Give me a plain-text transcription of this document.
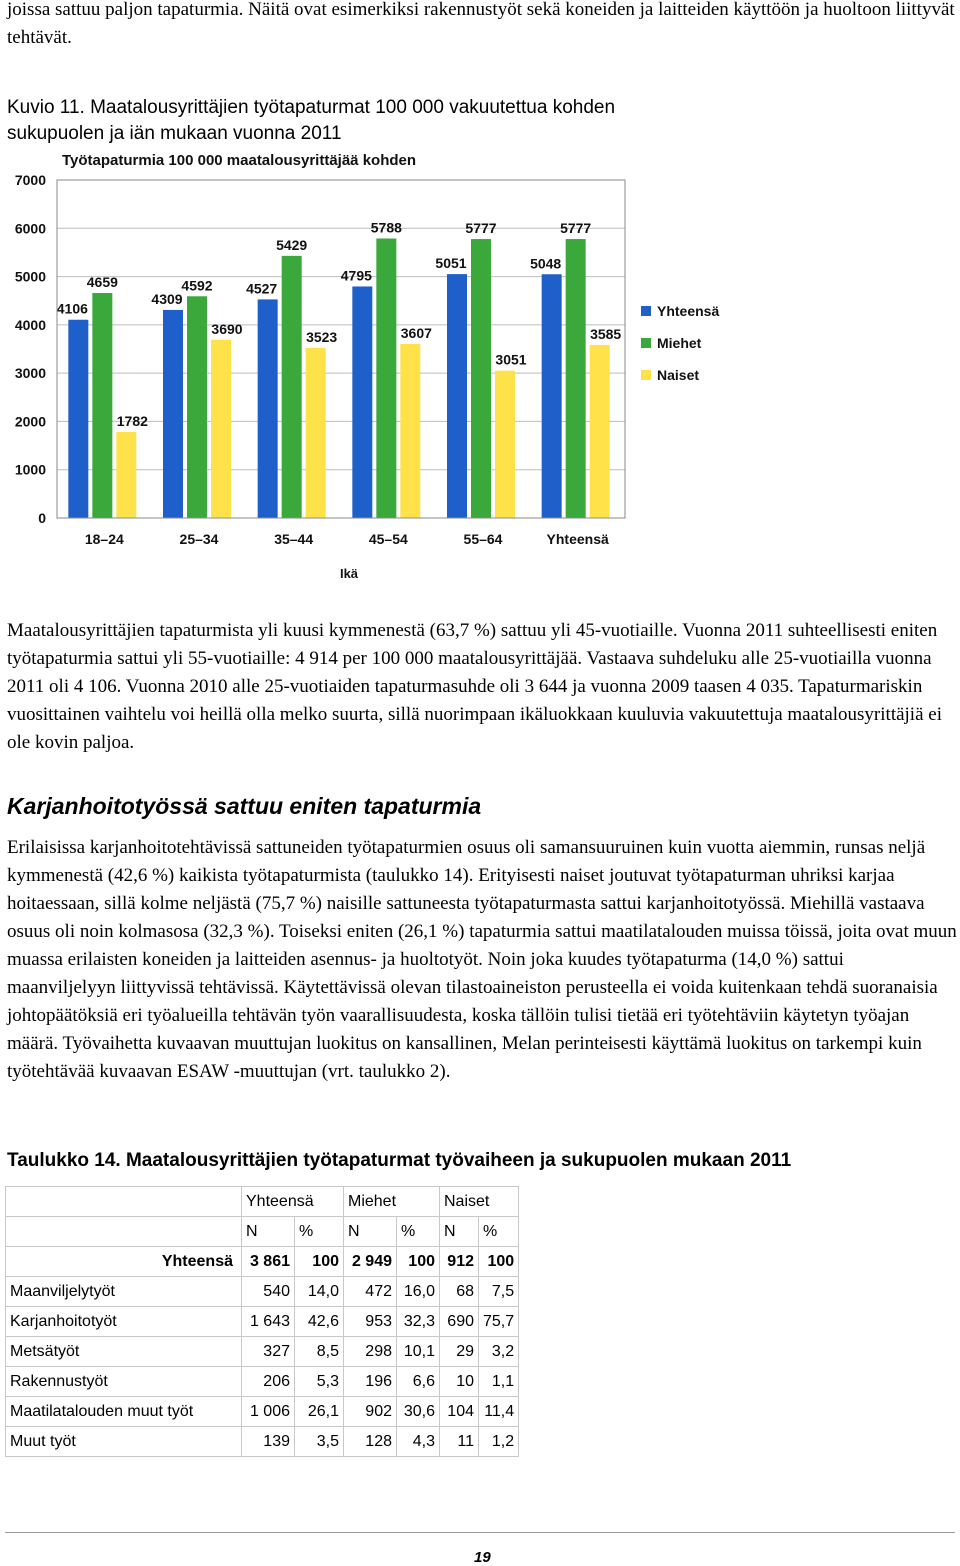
joissa sattuu paljon tapaturmia. Näitä ovat esimerkiksi rakennustyöt sekä koneiden ja laitteiden käyttöön ja huoltoon liittyvät tehtävät.

Kuvio 11. Maatalousyrittäjien työtapaturmat 100 000 vakuutettua kohden sukupuolen ja iän mukaan vuonna 2011

4106
4659
1782
4309
4592
3690
4527
5429
3523
4795
5788
3607
5051
5777
3051
5048
5777
3585
Työtapaturmia 100 000 maatalousyrittäjää kohden
0
1000
2000
3000
4000
5000
6000
7000
18–24	25–34	35–44	45–54	55–64	Yhteensä
Ikä
Yhteensä
Miehet
Naiset

Maatalousyrittäjien tapaturmista yli kuusi kymmenestä (63,7 %) sattuu yli 45-vuotiaille. Vuonna 2011 suhteellisesti eniten työtapaturmia sattui yli 55-vuotiaille: 4 914 per 100 000 maatalousyrittäjää. Vastaava suhdeluku alle 25-vuotiailla vuonna 2011 oli 4 106. Vuonna 2010 alle 25-vuotiaiden tapaturmasuhde oli 3 644 ja vuonna 2009 taasen 4 035. Tapaturmariskin vuosittainen vaihtelu voi heillä olla melko suurta, sillä nuorimpaan ikäluokkaan kuuluvia vakuutettuja maatalousyrittäjiä ei ole kovin paljoa.

Karjanhoitotyössä sattuu eniten tapaturmia

Erilaisissa karjanhoitotehtävissä sattuneiden työtapaturmien osuus oli samansuuruinen kuin vuotta aiemmin, runsas neljä kymmenestä (42,6 %) kaikista työtapaturmista (taulukko 14). Erityisesti naiset joutuvat työtapaturman uhriksi karjaa hoitaessaan, sillä kolme neljästä (75,7 %) naisille sattuneesta työtapaturmasta sattui karjanhoitotyössä. Miehillä vastaava osuus oli noin kolmasosa (32,3 %). Toiseksi eniten (26,1 %) tapaturmia sattui maatilatalouden muissa töissä, joita ovat muun muassa erilaisten koneiden ja laitteiden asennus- ja huoltotyöt. Noin joka kuudes työtapaturma (14,0 %) sattui maanviljelyyn liittyvissä tehtävissä. Käytettävissä olevan tilastoaineiston perusteella ei voida kuitenkaan tehdä suoranaisia johtopäätöksiä eri työalueilla tehtävän työn vaarallisuudesta, koska tällöin tulisi tietää eri työtehtäviin käytetyn työajan määrä. Työvaihetta kuvaavan muuttujan luokitus on kansallinen, Melan perinteisesti käyttämä luokitus on tarkempi kuin työtehtävää kuvaavan ESAW -muuttujan (vrt. taulukko 2).

Taulukko 14. Maatalousyrittäjien työtapaturmat työvaiheen ja sukupuolen mukaan 2011

	Yhteensä		Miehet		Naiset	
	N	%	N	%	N	%
Yhteensä	3 861	100	2 949	100	912	100
Maanviljelytyöt	540	14,0	472	16,0	68	7,5
Karjanhoitotyöt	1 643	42,6	953	32,3	690	75,7
Metsätyöt	327	8,5	298	10,1	29	3,2
Rakennustyöt	206	5,3	196	6,6	10	1,1
Maatilatalouden muut työt	1 006	26,1	902	30,6	104	11,4
Muut työt	139	3,5	128	4,3	11	1,2
19
